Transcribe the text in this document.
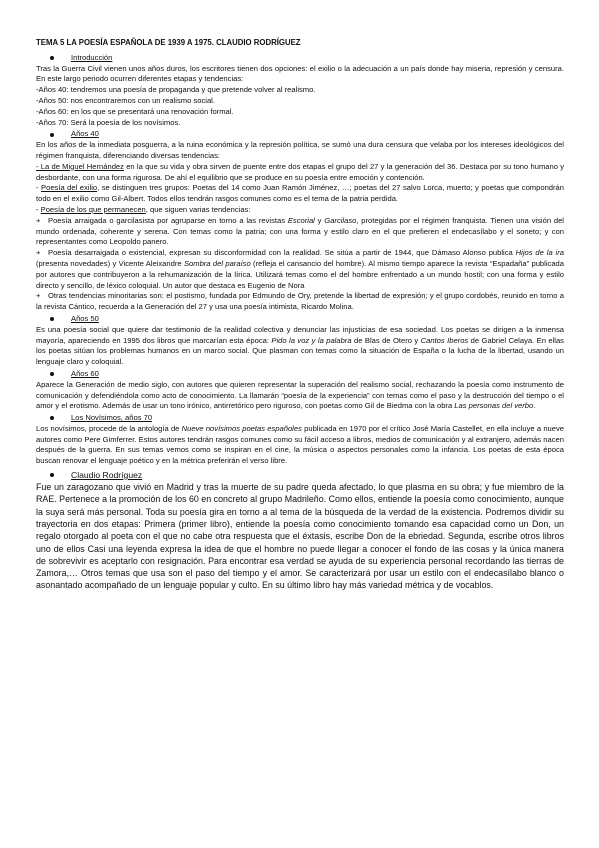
TEMA 5 LA POESÍA ESPAÑOLA DE 1939 A 1975. CLAUDIO RODRÍGUEZ
Introducción

Tras la Guerra Civil vienen unos años duros, los escritores tienen dos opciones: el exilio o la adecuación a un país donde hay miseria, represión y censura. En este largo periodo ocurren diferentes etapas y tendencias:

-Años 40: tendremos una poesía de propaganda y que pretende volver al realismo.

-Años 50: nos encontraremos con un realismo social.

-Años 60: en los que se presentará una renovación formal.

-Años 70: Será la poesía de los novísimos.

Años 40

En los años de la inmediata posguerra, a la ruina económica y la represión política, se sumó una dura censura que velaba por los intereses ideológicos del régimen franquista, diferenciando diversas tendencias:

- La de Miguel Hernández en la que su vida y obra sirven de puente entre dos etapas el grupo del 27 y la generación del 36. Destaca por su tono humano y desbordante, con una forma rigurosa. De ahí el equilibrio que se produce en su poesía entre emoción y contención.

- Poesía del exilio, se distinguen tres grupos: Poetas del 14 como Juan Ramón Jiménez, …; poetas del 27 salvo Lorca, muerto; y poetas que compondrán todo en el exilio como Gil-Albert. Todos ellos tendrán rasgos comunes como es el tema de la patria perdida.

- Poesía de los que permanecen, que siguen varias tendencias:

+ Poesía arraigada o garcilasista por agruparse en torno a las revistas Escorial y Garcilaso, protegidas por el régimen franquista. Tienen una visión del mundo ordenada, coherente y serena. Con temas como la patria; con una forma y estilo claro en el que prefieren el endecasílabo y el soneto; y con representantes como Leopoldo panero.

+ Poesía desarraigada o existencial, expresan su disconformidad con la realidad. Se sitúa a partir de 1944, que Dámaso Alonso publica Hijos de la ira (presenta novedades) y Vicente Aleixandre Sombra del paraíso (refleja el cansancio del hombre). Al mismo tiempo aparece la revista “Espadaña” publicada por autores que contribuyeron a la rehumanización de la lírica. Utilizará temas como el del hombre enfrentado a un mundo hostil; con una forma y estilo directo y sencillo, de léxico coloquial. Un autor que destaca es Eugenio de Nora

+ Otras tendencias minoritarias son: el postismo, fundada por Edmundo de Ory, pretende la libertad de expresión; y el grupo cordobés, reunido en torno a la revista Cántico, recuerda a la Generación del 27 y usa una poesía intimista, Ricardo Molina.

Años 50

Es una poesía social que quiere dar testimonio de la realidad colectiva y denunciar las injusticias de esa sociedad. Los poetas se dirigen a la inmensa mayoría, apareciendo en 1995 dos libros que marcarían esta época: Pido la voz y la palabra de Blas de Otero y Cantos Iberos de Gabriel Celaya. En ellas los poetas sitúan los problemas humanos en un marco social. Que plasman con temas como la situación de España o la lucha de la libertad, usando un lenguaje claro y coloquial.

Años 60

Aparece la Generación de medio siglo, con autores que quieren representar la superación del realismo social, rechazando la poesía como instrumento de comunicación y defendiéndola como acto de conocimiento. La llamarán “poesía de la experiencia” con temas como el paso y la destrucción del tiempo o el amor y el erotismo. Además de usar un tono irónico, antirretórico pero riguroso, con poetas como Gil de Biedma con la obra Las personas del verbo.

Los Novísimos, años 70

Los novísimos, procede de la antología de Nueve novísimos poetas españoles publicada en 1970 por el crítico José María Castellet, en ella incluye a nueve autores como Pere Gimferrer. Estos autores tendrán rasgos comunes como su fácil acceso a libros, medios de comunicación y al extranjero, además nacen después de la guerra. En sus temas vemos como se inspiran en el cine, la música o aspectos personales como la infancia. Los poetas de esta época buscan renovar el lenguaje poético y en la métrica preferirán el verso libre.

Claudio Rodríguez

Fue un zaragozano que vivió en Madrid y tras la muerte de su padre queda afectado, lo que plasma en su obra; y fue miembro de la RAE. Pertenece a la promoción de los 60 en concreto al grupo Madrileño. Como ellos, entiende la poesía como conocimiento, aunque la suya será más personal. Toda su poesía gira en torno a al tema de la búsqueda de la verdad de la existencia. Podremos dividir su trayectoria en dos etapas: Primera (primer libro), entiende la poesía como conocimiento tomando esa capacidad como un Don, un regalo otorgado al poeta con el que no cabe otra respuesta que el éxtasis, escribe Don de la ebriedad. Segunda, escribe otros libros uno de ellos Casi una leyenda expresa la idea de que el hombre no puede llegar a conocer el fondo de las cosas y la única manera de sobrevivir es aceptarlo con resignación. Para encontrar esa verdad se ayuda de su experiencia personal recordando las tierras de Zamora,… Otros temas que usa son el paso del tiempo y el amor. Se caracterizará por usar un estilo con el endecasílabo blanco o asonantado acompañado de un lenguaje popular y culto. En su último libro hay más variedad métrica y de vocablos.
